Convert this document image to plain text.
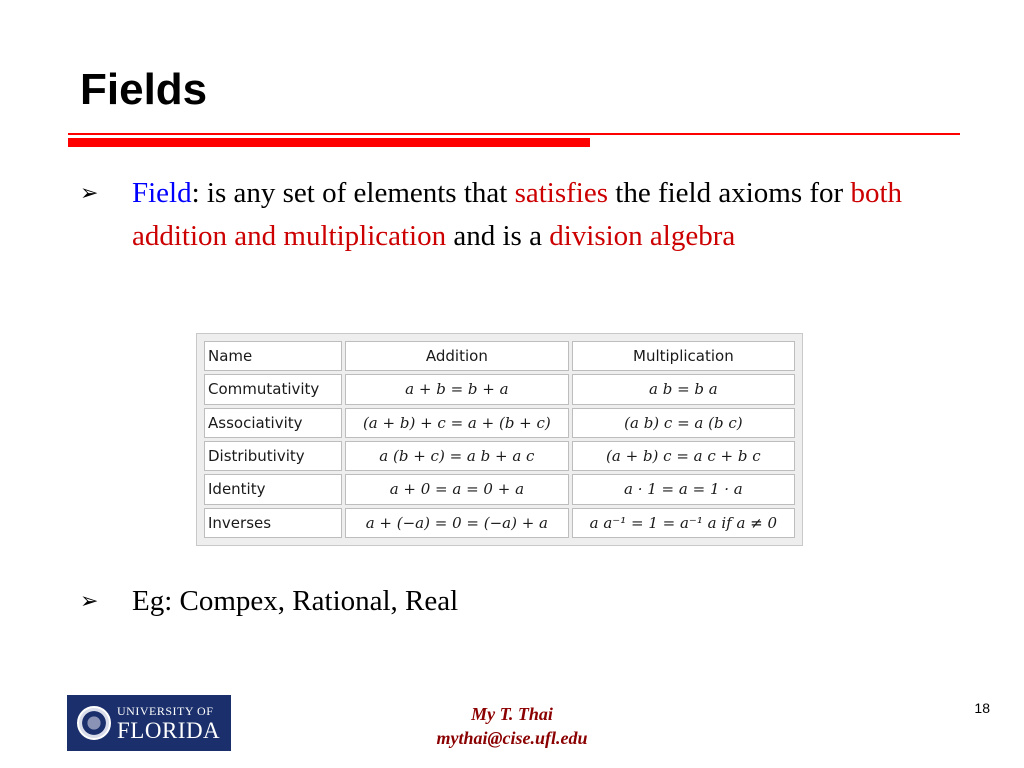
Fields
➢ Field: is any set of elements that satisfies the field axioms for both addition and multiplication and is a division algebra
Name	Addition	Multiplication
Commutativity	a + b = b + a	a b = b a
Associativity	(a + b) + c = a + (b + c)	(a b) c = a (b c)
Distributivity	a (b + c) = a b + a c	(a + b) c = a c + b c
Identity	a + 0 = a = 0 + a	a · 1 = a = 1 · a
Inverses	a + (−a) = 0 = (−a) + a	a a⁻¹ = 1 = a⁻¹ a if a ≠ 0
➢ Eg: Compex, Rational, Real
UNIVERSITY OF
FLORIDA
My T. Thai
mythai@cise.ufl.edu
18
